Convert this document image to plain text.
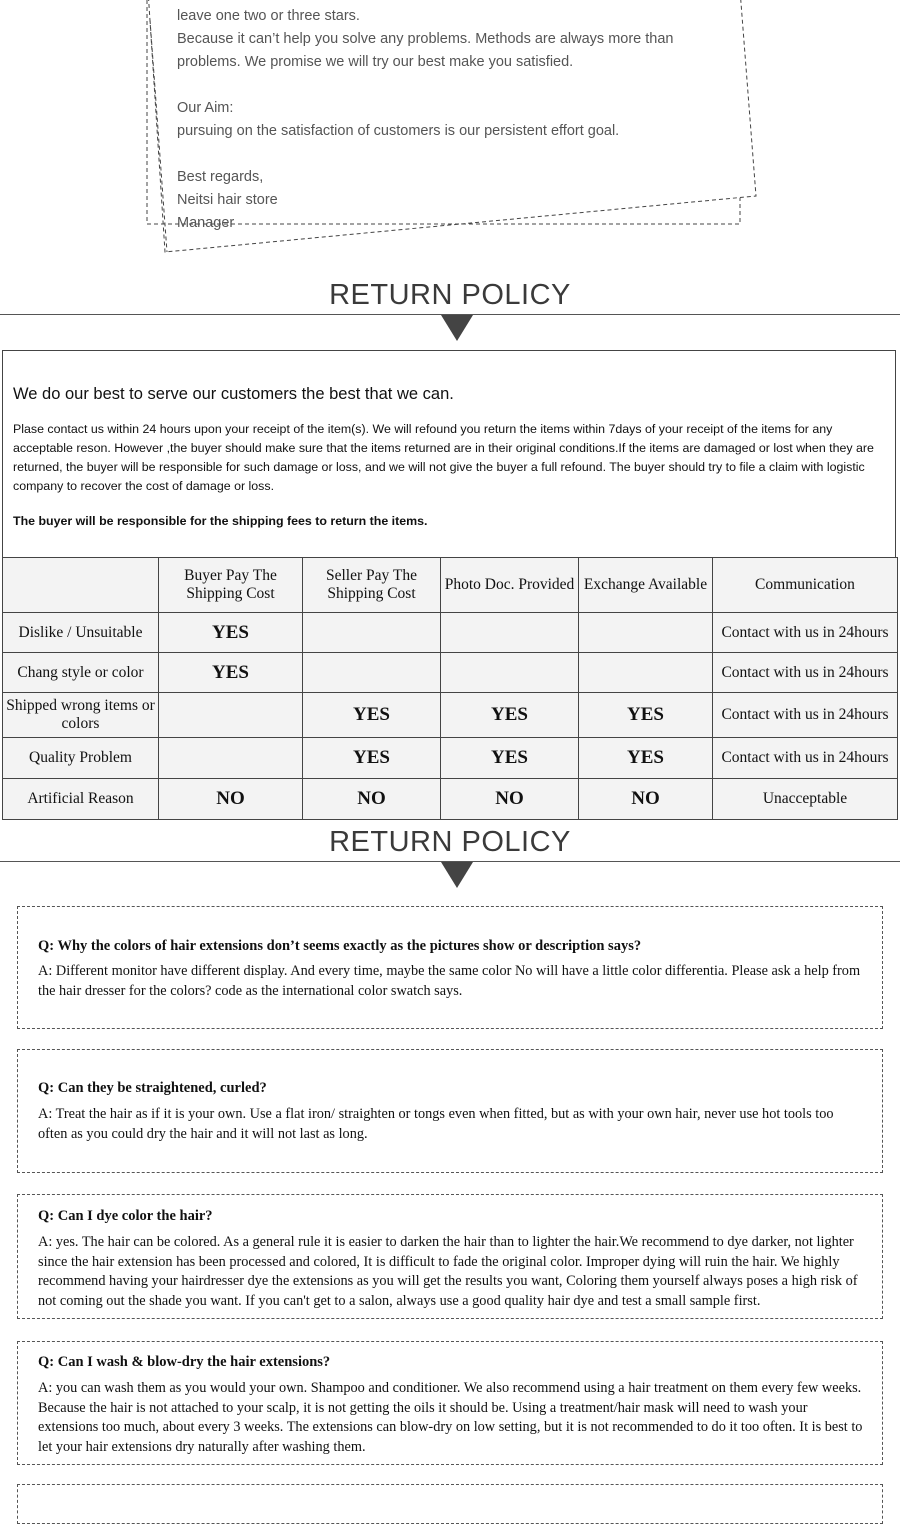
leave one two or three stars.

Because it can’t help you solve any problems. Methods are always more than

problems. We promise we will try our best make you satisfied.

Our Aim:

pursuing on the satisfaction of customers is our persistent effort goal.

Best regards,

Neitsi hair store

Manager

RETURN POLICY
We do our best to serve our customers the best that we can.

Plase contact us within 24 hours upon your receipt of the item(s). We will refound you return the items within 7days of your receipt of the items for any acceptable reson. However ,the buyer should make sure that the items returned are in their original conditions.If the items are damaged or lost when they are returned, the buyer will be responsible for such damage or loss, and we will not give the buyer a full refound. The buyer should try to file a claim with logistic company to recover the cost of damage or loss.

The buyer will be responsible for the shipping fees to return the items.
	Buyer Pay The Shipping Cost	Seller Pay The Shipping Cost	Photo Doc. Provided	Exchange Available	Communication
Dislike / Unsuitable	YES				Contact with us in 24hours
Chang style or color	YES				Contact with us in 24hours
Shipped wrong items or colors		YES	YES	YES	Contact with us in 24hours
Quality Problem		YES	YES	YES	Contact with us in 24hours
Artificial Reason	NO	NO	NO	NO	Unacceptable
RETURN POLICY
Q: Why the colors of hair extensions don’t seems exactly as the pictures show or description says?
A: Different monitor have different display. And every time, maybe the same color No will have a little color differentia. Please ask a help from the hair dresser for the colors? code as the international color swatch says.
Q: Can they be straightened, curled?
A: Treat the hair as if it is your own. Use a flat iron/ straighten or tongs even when fitted, but as with your own hair, never use hot tools too often as you could dry the hair and it will not last as long.
Q: Can I dye color the hair?
A: yes. The hair can be colored. As a general rule it is easier to darken the hair than to lighter the hair.We recommend to dye darker, not lighter since the hair extension has been processed and colored, It is difficult to fade the original color. Improper dying will ruin the hair. We highly recommend having your hairdresser dye the extensions as you will get the results you want, Coloring them yourself always poses a high risk of not coming out the shade you want. If you can't get to a salon, always use a good quality hair dye and test a small sample first.
Q: Can I wash & blow-dry the hair extensions?
A: you can wash them as you would your own. Shampoo and conditioner. We also recommend using a hair treatment on them every few weeks. Because the hair is not attached to your scalp, it is not getting the oils it should be. Using a treatment/hair mask will need to wash your extensions too much, about every 3 weeks. The extensions can blow-dry on low setting, but it is not recommended to do it too often. It is best to let your hair extensions dry naturally after washing them.
